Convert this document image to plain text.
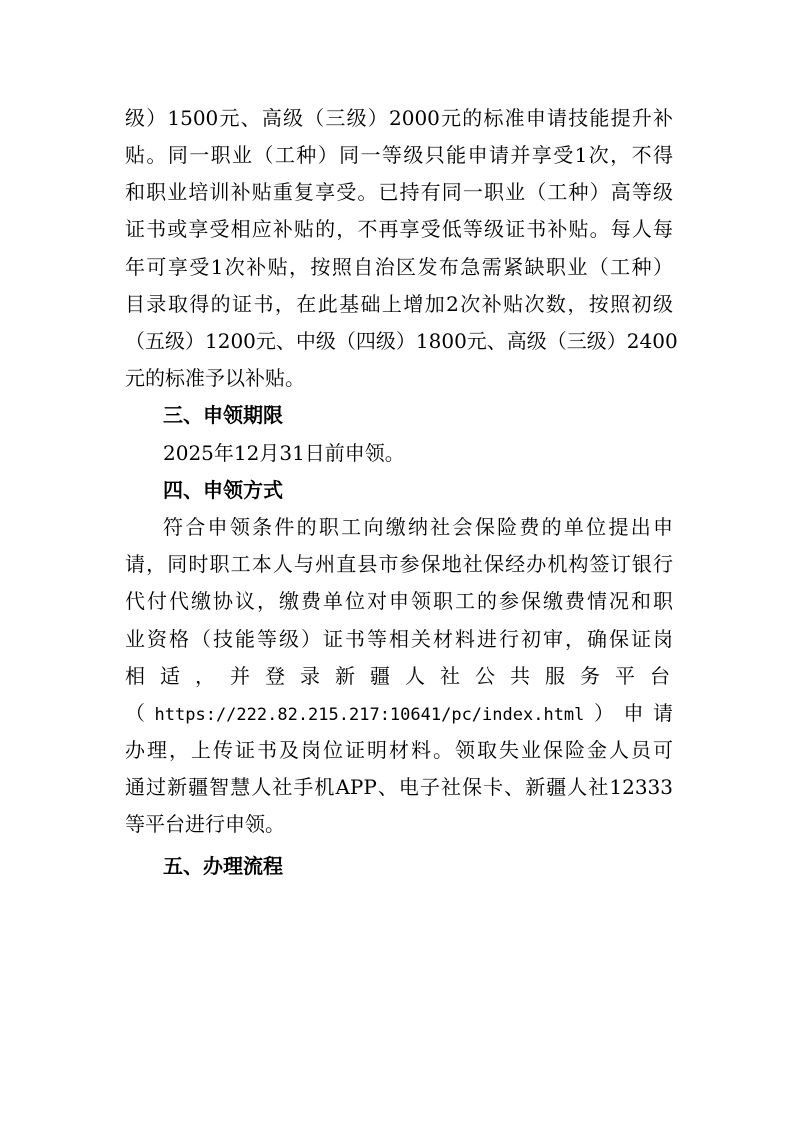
级）1500元、高级（三级）2000元的标准申请技能提升补
贴。同一职业（工种）同一等级只能申请并享受1次，不得
和职业培训补贴重复享受。已持有同一职业（工种）高等级
证书或享受相应补贴的，不再享受低等级证书补贴。每人每
年可享受1次补贴，按照自治区发布急需紧缺职业（工种）
目录取得的证书，在此基础上增加2次补贴次数，按照初级
（五级）1200元、中级（四级）1800元、高级（三级）2400
元的标准予以补贴。
三、申领期限
2025年12月31日前申领。
四、申领方式
符合申领条件的职工向缴纳社会保险费的单位提出申
请，同时职工本人与州直县市参保地社保经办机构签订银行
代付代缴协议，缴费单位对申领职工的参保缴费情况和职
业资格（技能等级）证书等相关材料进行初审，确保证岗
相适，并登录新疆人社公共服务平台
（https://222.82.215.217:10641/pc/index.html）申请
办理，上传证书及岗位证明材料。领取失业保险金人员可
通过新疆智慧人社手机APP、电子社保卡、新疆人社12333
等平台进行申领。
五、办理流程
